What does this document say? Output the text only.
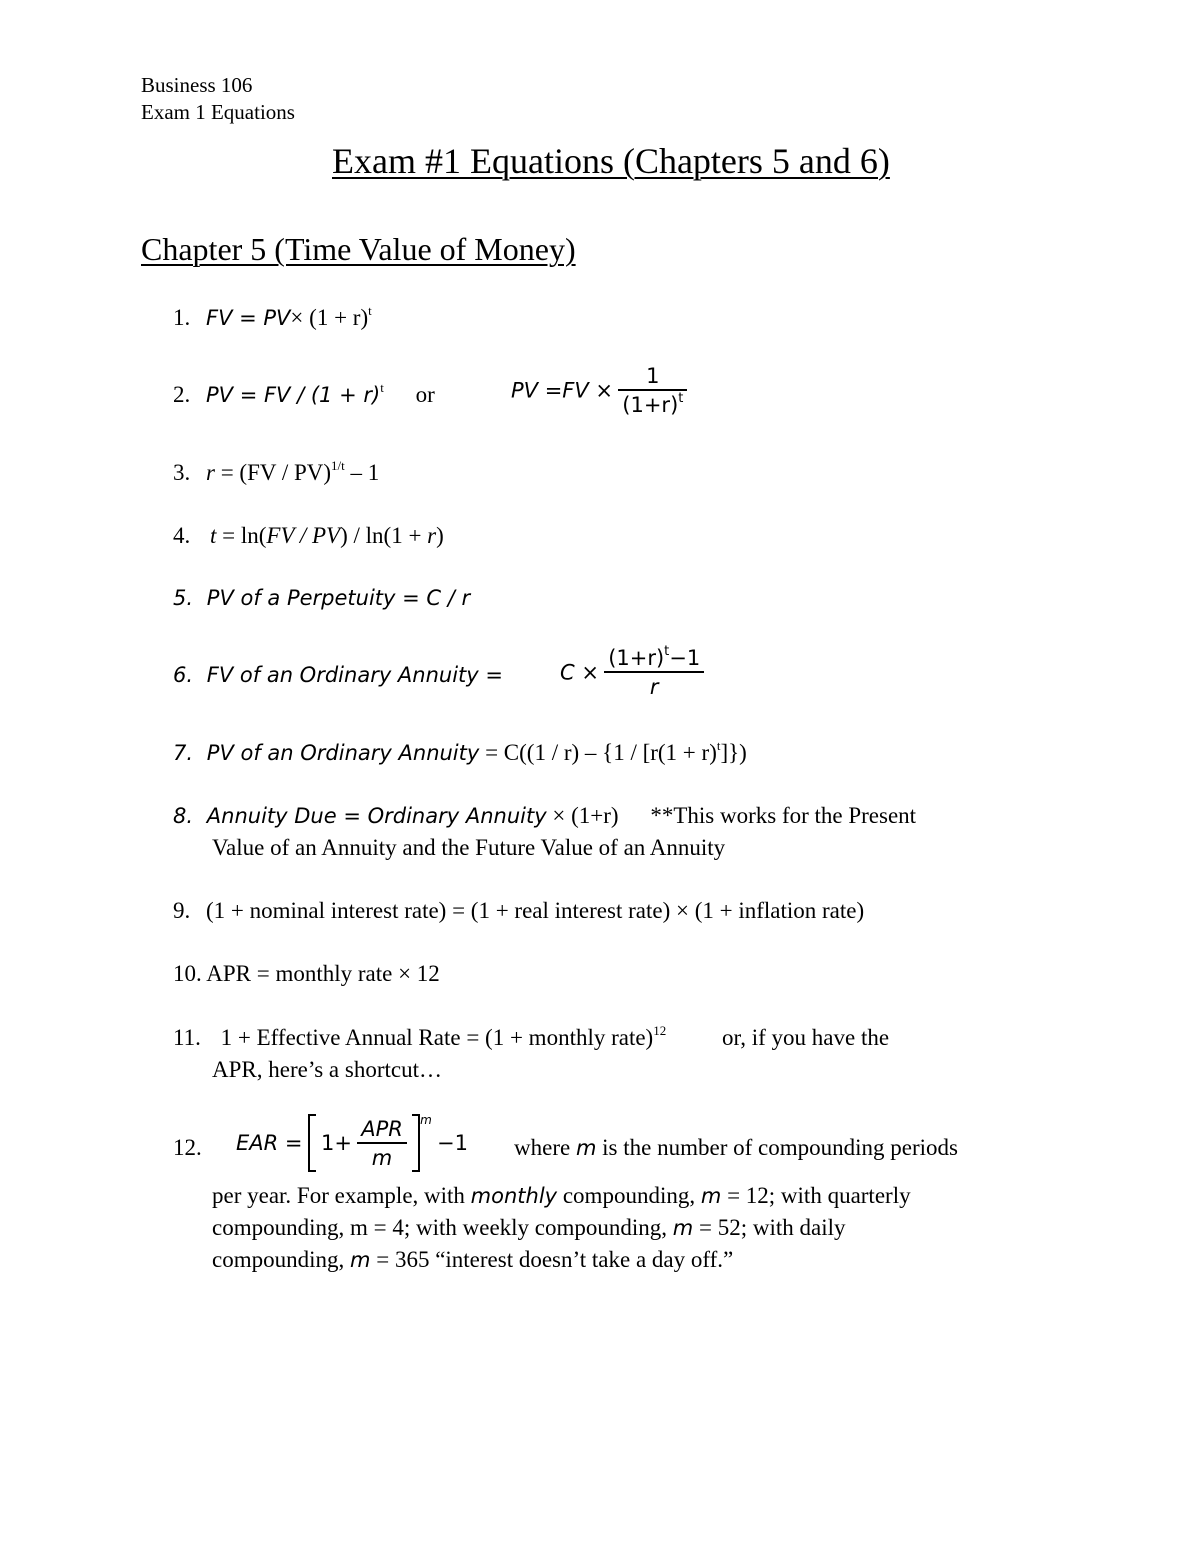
Business 106
Exam 1 Equations
Exam #1 Equations (Chapters 5 and 6)
Chapter 5 (Time Value of Money)
1. FV = $PV\times (1 + r)^t$
2. PV = FV / $(1 + r)^t$ or	PV $=FV \times \frac{1}{(1+r)^t}$
3. r = (FV / PV)$^{1/t}$ – 1
4. t = ln(FV / PV) / ln(1 + r)
5. PV of a Perpetuity = C / r
6. FV of an Ordinary Annuity =	$C \times \frac{(1+r)^t-1}{r}$
7. PV of an Ordinary Annuity = $C((1 / r) - \{1 / [r(1 + r)^t]\})$
8. Annuity Due = Ordinary Annuity × (1+r) **This works for the Present
Value of an Annuity and the Future Value of an Annuity
9. (1 + nominal interest rate) = (1 + real interest rate) × (1 + inflation rate)
10. APR = monthly rate × 12
11. 1 + Effective Annual Rate = (1 + monthly rate)$^{12}$ or, if you have the
APR, here’s a shortcut…
12. EAR = $1+ \frac{\text{APR}}{m} ^m -1$ where m is the number of compounding periods
per year. For example, with monthly compounding, m = 12; with quarterly
compounding, m = 4; with weekly compounding, m = 52; with daily
compounding, m = 365 “interest doesn’t take a day off.”
